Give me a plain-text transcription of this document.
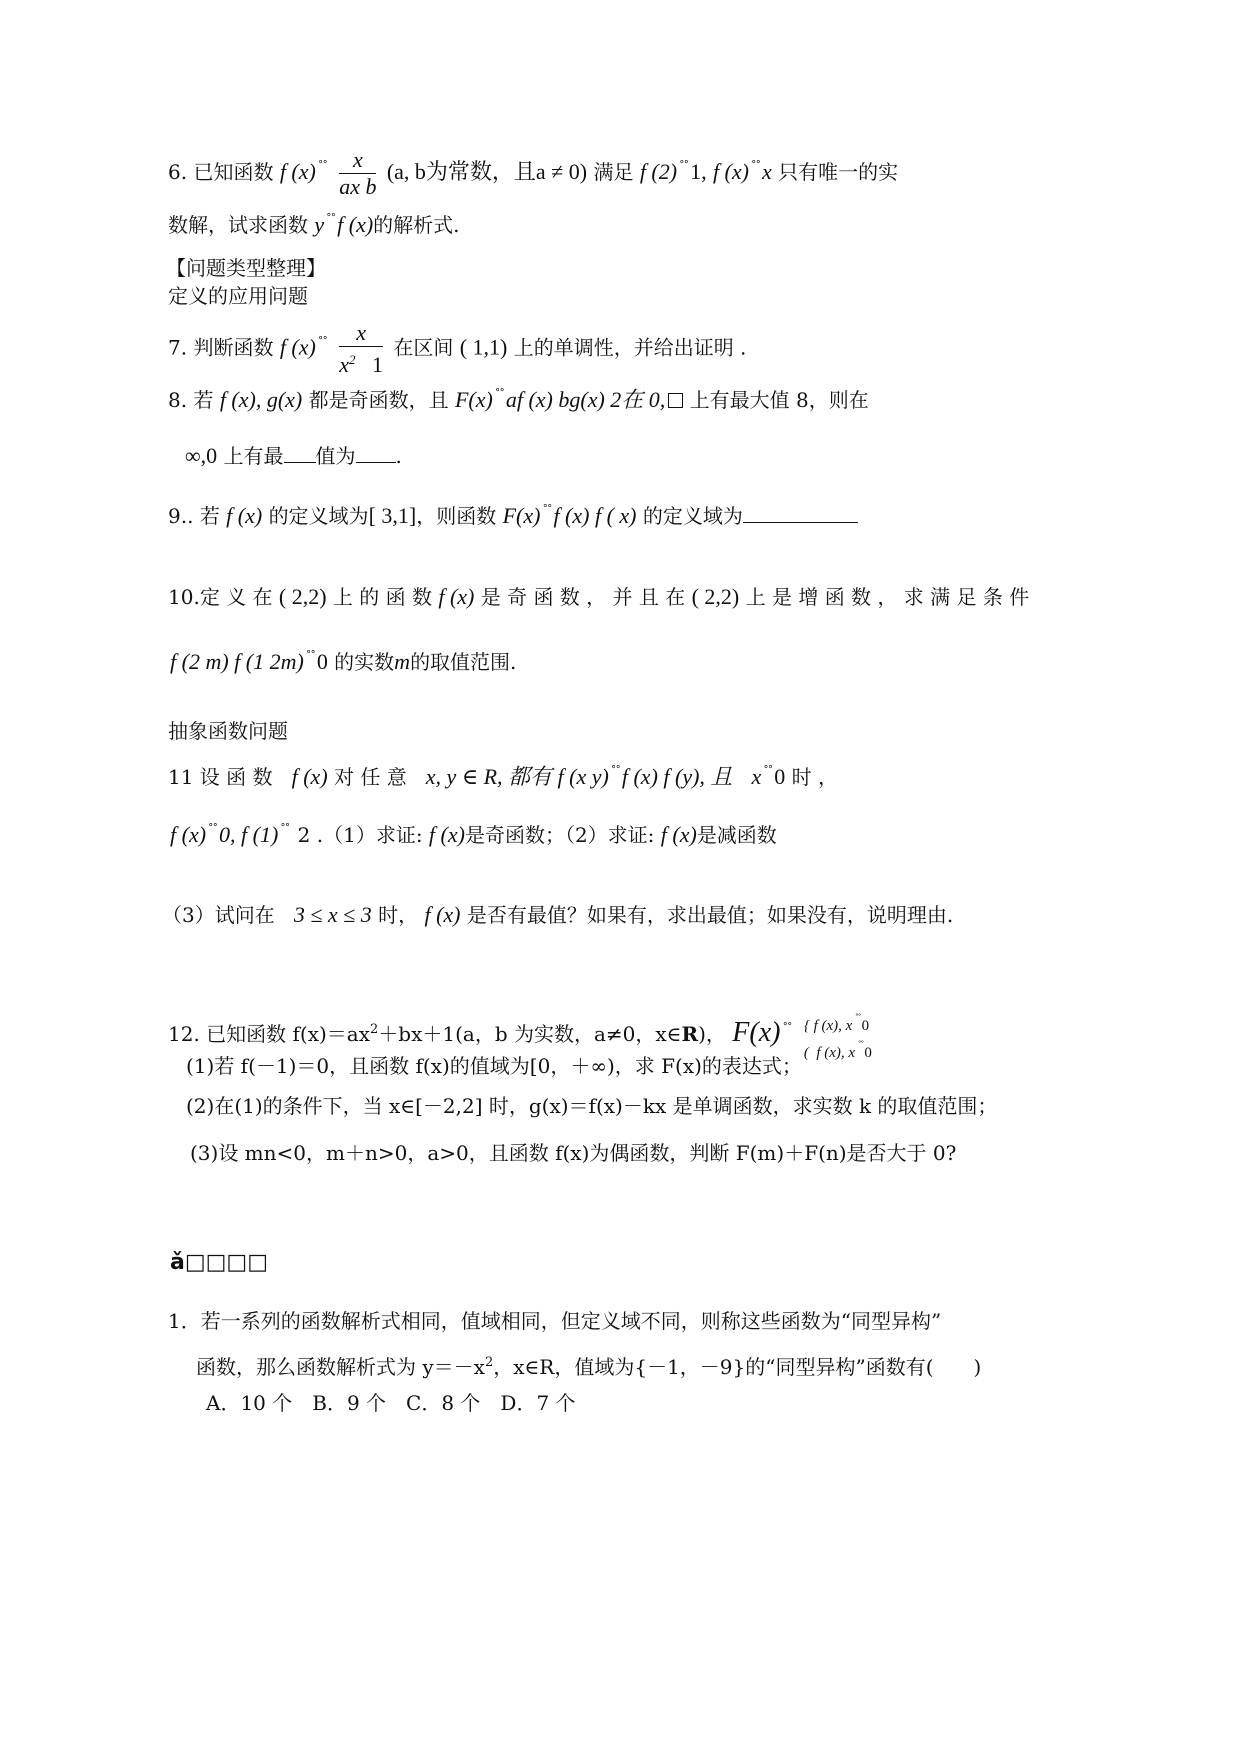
6. 已知函数 f (x) $^{˚˚} \frac{x}{\text{ax b}} (a$, b为常数，且a ≠ 0) 满足 f (2) ˚˚1, f (x) ˚˚x 只有唯一的实
数解，试求函数 y ˚˚f (x)的解析式.
【问题类型整理】
定义的应用问题
7. 判断函数 f (x) $^{˚˚} \frac{x}{x^2 1}$ 在区间 ( 1,1) 上的单调性，并给出证明 .
8. 若 f (x), g(x) 都是奇函数，且 F(x) ˚˚af (x) bg(x) 2在 0, 上有最大值 8，则在
∞,0 上有最 值为 .
9.. 若 f (x) 的定义域为[ 3,1]，则函数 F(x) ˚˚f (x) f ( x) 的定义域为
10.定 义 在 ( 2,2) 上 的 函 数 f (x) 是 奇 函 数 ， 并 且 在 ( 2,2) 上 是 增 函 数 ， 求 满 足 条 件
f (2 m) f (1 2m) ˚˚0 的实数m的取值范围.
抽象函数问题
11 设 函 数 f (x) 对 任 意 x, y ∈ R, 都有 f (x y) ˚˚f (x) f (y), 且 x ˚˚0 时 ，
f (x) ˚˚0, f (1) ˚˚ 2 .（1）求证: f (x)是奇函数；（2）求证: f (x)是减函数
（3）试问在 3 ≤ x ≤ 3 时， f (x) 是否有最值？如果有，求出最值；如果没有，说明理由.
12. 已知函数 $f(x)=ax^2+bx+1(a$，b 为实数，a≠0，x∈R)， F(x) ˚˚ { f (x), x ˚˚ 0
(  f (x), x ˚˚ 0
(1)若 f(－1)＝0，且函数 f(x)的值域为[0，＋∞)，求 F(x)的表达式；
(2)在(1)的条件下，当 x∈[－2,2] 时，g(x)＝f(x)－kx 是单调函数，求实数 k 的取值范围；
(3)设 mn<0，m＋n>0，a>0，且函数 f(x)为偶函数，判断 F(m)＋F(n)是否大于 0?
ǎ□□□□
1．若一系列的函数解析式相同，值域相同，但定义域不同，则称这些函数为“同型异构”
函数，那么函数解析式为 $y=-x^2$，x∈R，值域为{－1，－9}的“同型异构”函数有(　　)
A．10 个　B．9 个　C．8 个　D．7 个
